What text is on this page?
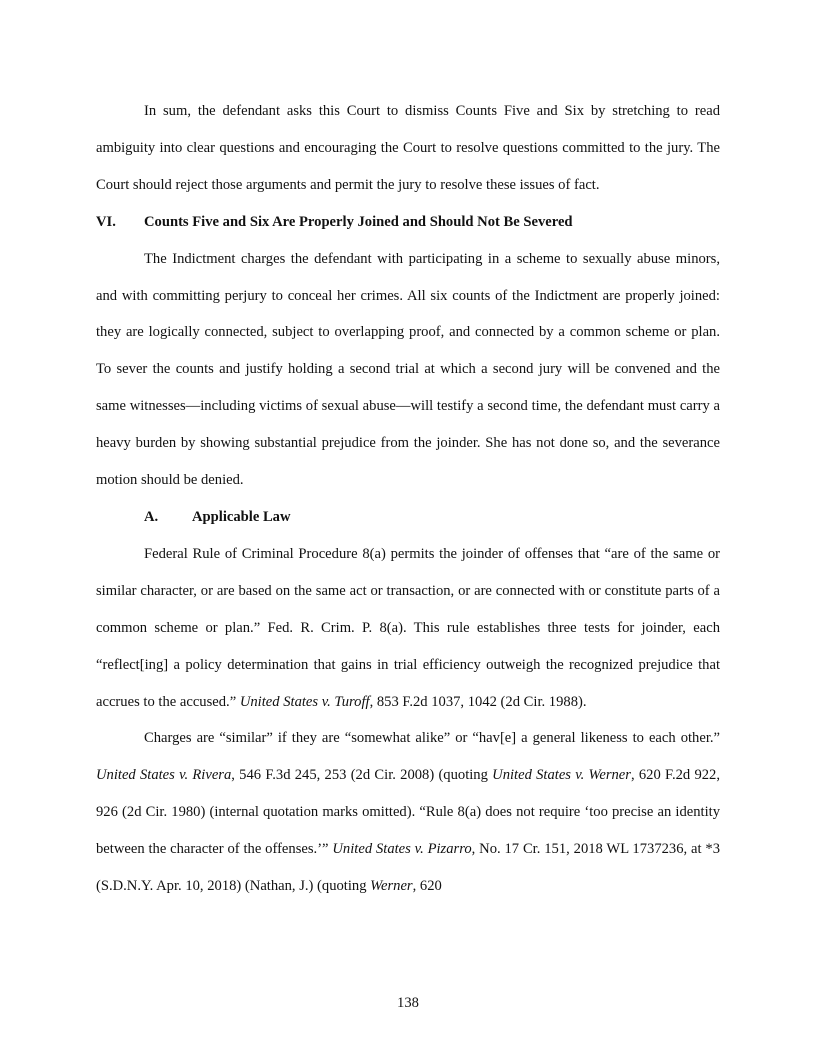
In sum, the defendant asks this Court to dismiss Counts Five and Six by stretching to read ambiguity into clear questions and encouraging the Court to resolve questions committed to the jury. The Court should reject those arguments and permit the jury to resolve these issues of fact.

VI.	Counts Five and Six Are Properly Joined and Should Not Be Severed

The Indictment charges the defendant with participating in a scheme to sexually abuse minors, and with committing perjury to conceal her crimes. All six counts of the Indictment are properly joined: they are logically connected, subject to overlapping proof, and connected by a common scheme or plan. To sever the counts and justify holding a second trial at which a second jury will be convened and the same witnesses—including victims of sexual abuse—will testify a second time, the defendant must carry a heavy burden by showing substantial prejudice from the joinder. She has not done so, and the severance motion should be denied.

A.	Applicable Law

Federal Rule of Criminal Procedure 8(a) permits the joinder of offenses that “are of the same or similar character, or are based on the same act or transaction, or are connected with or constitute parts of a common scheme or plan.” Fed. R. Crim. P. 8(a). This rule establishes three tests for joinder, each “reflect[ing] a policy determination that gains in trial efficiency outweigh the recognized prejudice that accrues to the accused.” United States v. Turoff, 853 F.2d 1037, 1042 (2d Cir. 1988).

Charges are “similar” if they are “somewhat alike” or “hav[e] a general likeness to each other.” United States v. Rivera, 546 F.3d 245, 253 (2d Cir. 2008) (quoting United States v. Werner, 620 F.2d 922, 926 (2d Cir. 1980) (internal quotation marks omitted). “Rule 8(a) does not require ‘too precise an identity between the character of the offenses.’” United States v. Pizarro, No. 17 Cr. 151, 2018 WL 1737236, at *3 (S.D.N.Y. Apr. 10, 2018) (Nathan, J.) (quoting Werner, 620

138
